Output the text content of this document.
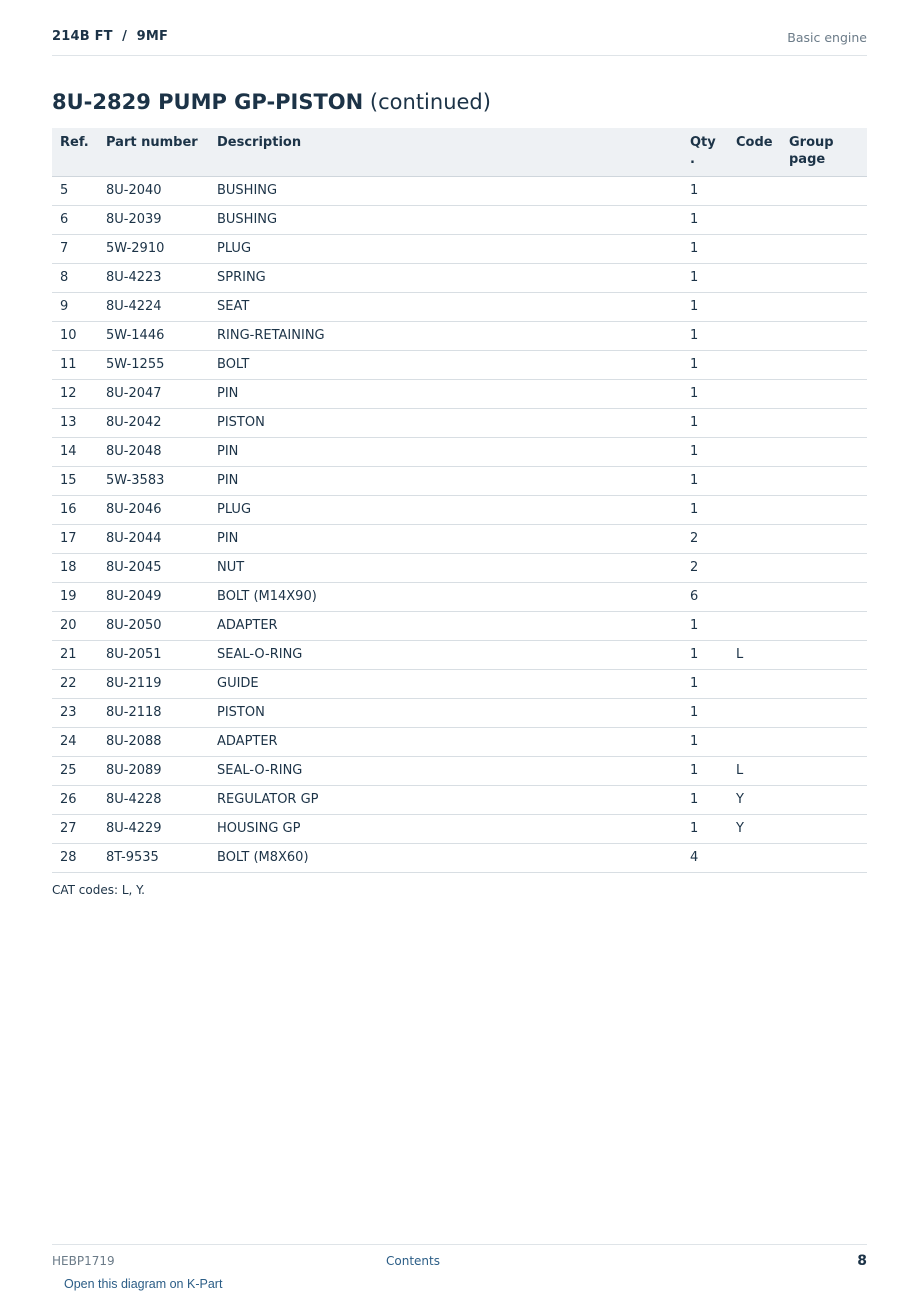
214B FT  /  9MF	Basic engine
8U-2829 PUMP GP-PISTON (continued)
Ref.	Part number	Description	Qty .	Code	Group page
5	8U-2040	BUSHING	1		
6	8U-2039	BUSHING	1		
7	5W-2910	PLUG	1		
8	8U-4223	SPRING	1		
9	8U-4224	SEAT	1		
10	5W-1446	RING-RETAINING	1		
11	5W-1255	BOLT	1		
12	8U-2047	PIN	1		
13	8U-2042	PISTON	1		
14	8U-2048	PIN	1		
15	5W-3583	PIN	1		
16	8U-2046	PLUG	1		
17	8U-2044	PIN	2		
18	8U-2045	NUT	2		
19	8U-2049	BOLT (M14X90)	6		
20	8U-2050	ADAPTER	1		
21	8U-2051	SEAL-O-RING	1	L	
22	8U-2119	GUIDE	1		
23	8U-2118	PISTON	1		
24	8U-2088	ADAPTER	1		
25	8U-2089	SEAL-O-RING	1	L	
26	8U-4228	REGULATOR GP	1	Y	
27	8U-4229	HOUSING GP	1	Y	
28	8T-9535	BOLT (M8X60)	4		
CAT codes: L, Y.
HEBP1719	Contents	8
Open this diagram on K-Part
